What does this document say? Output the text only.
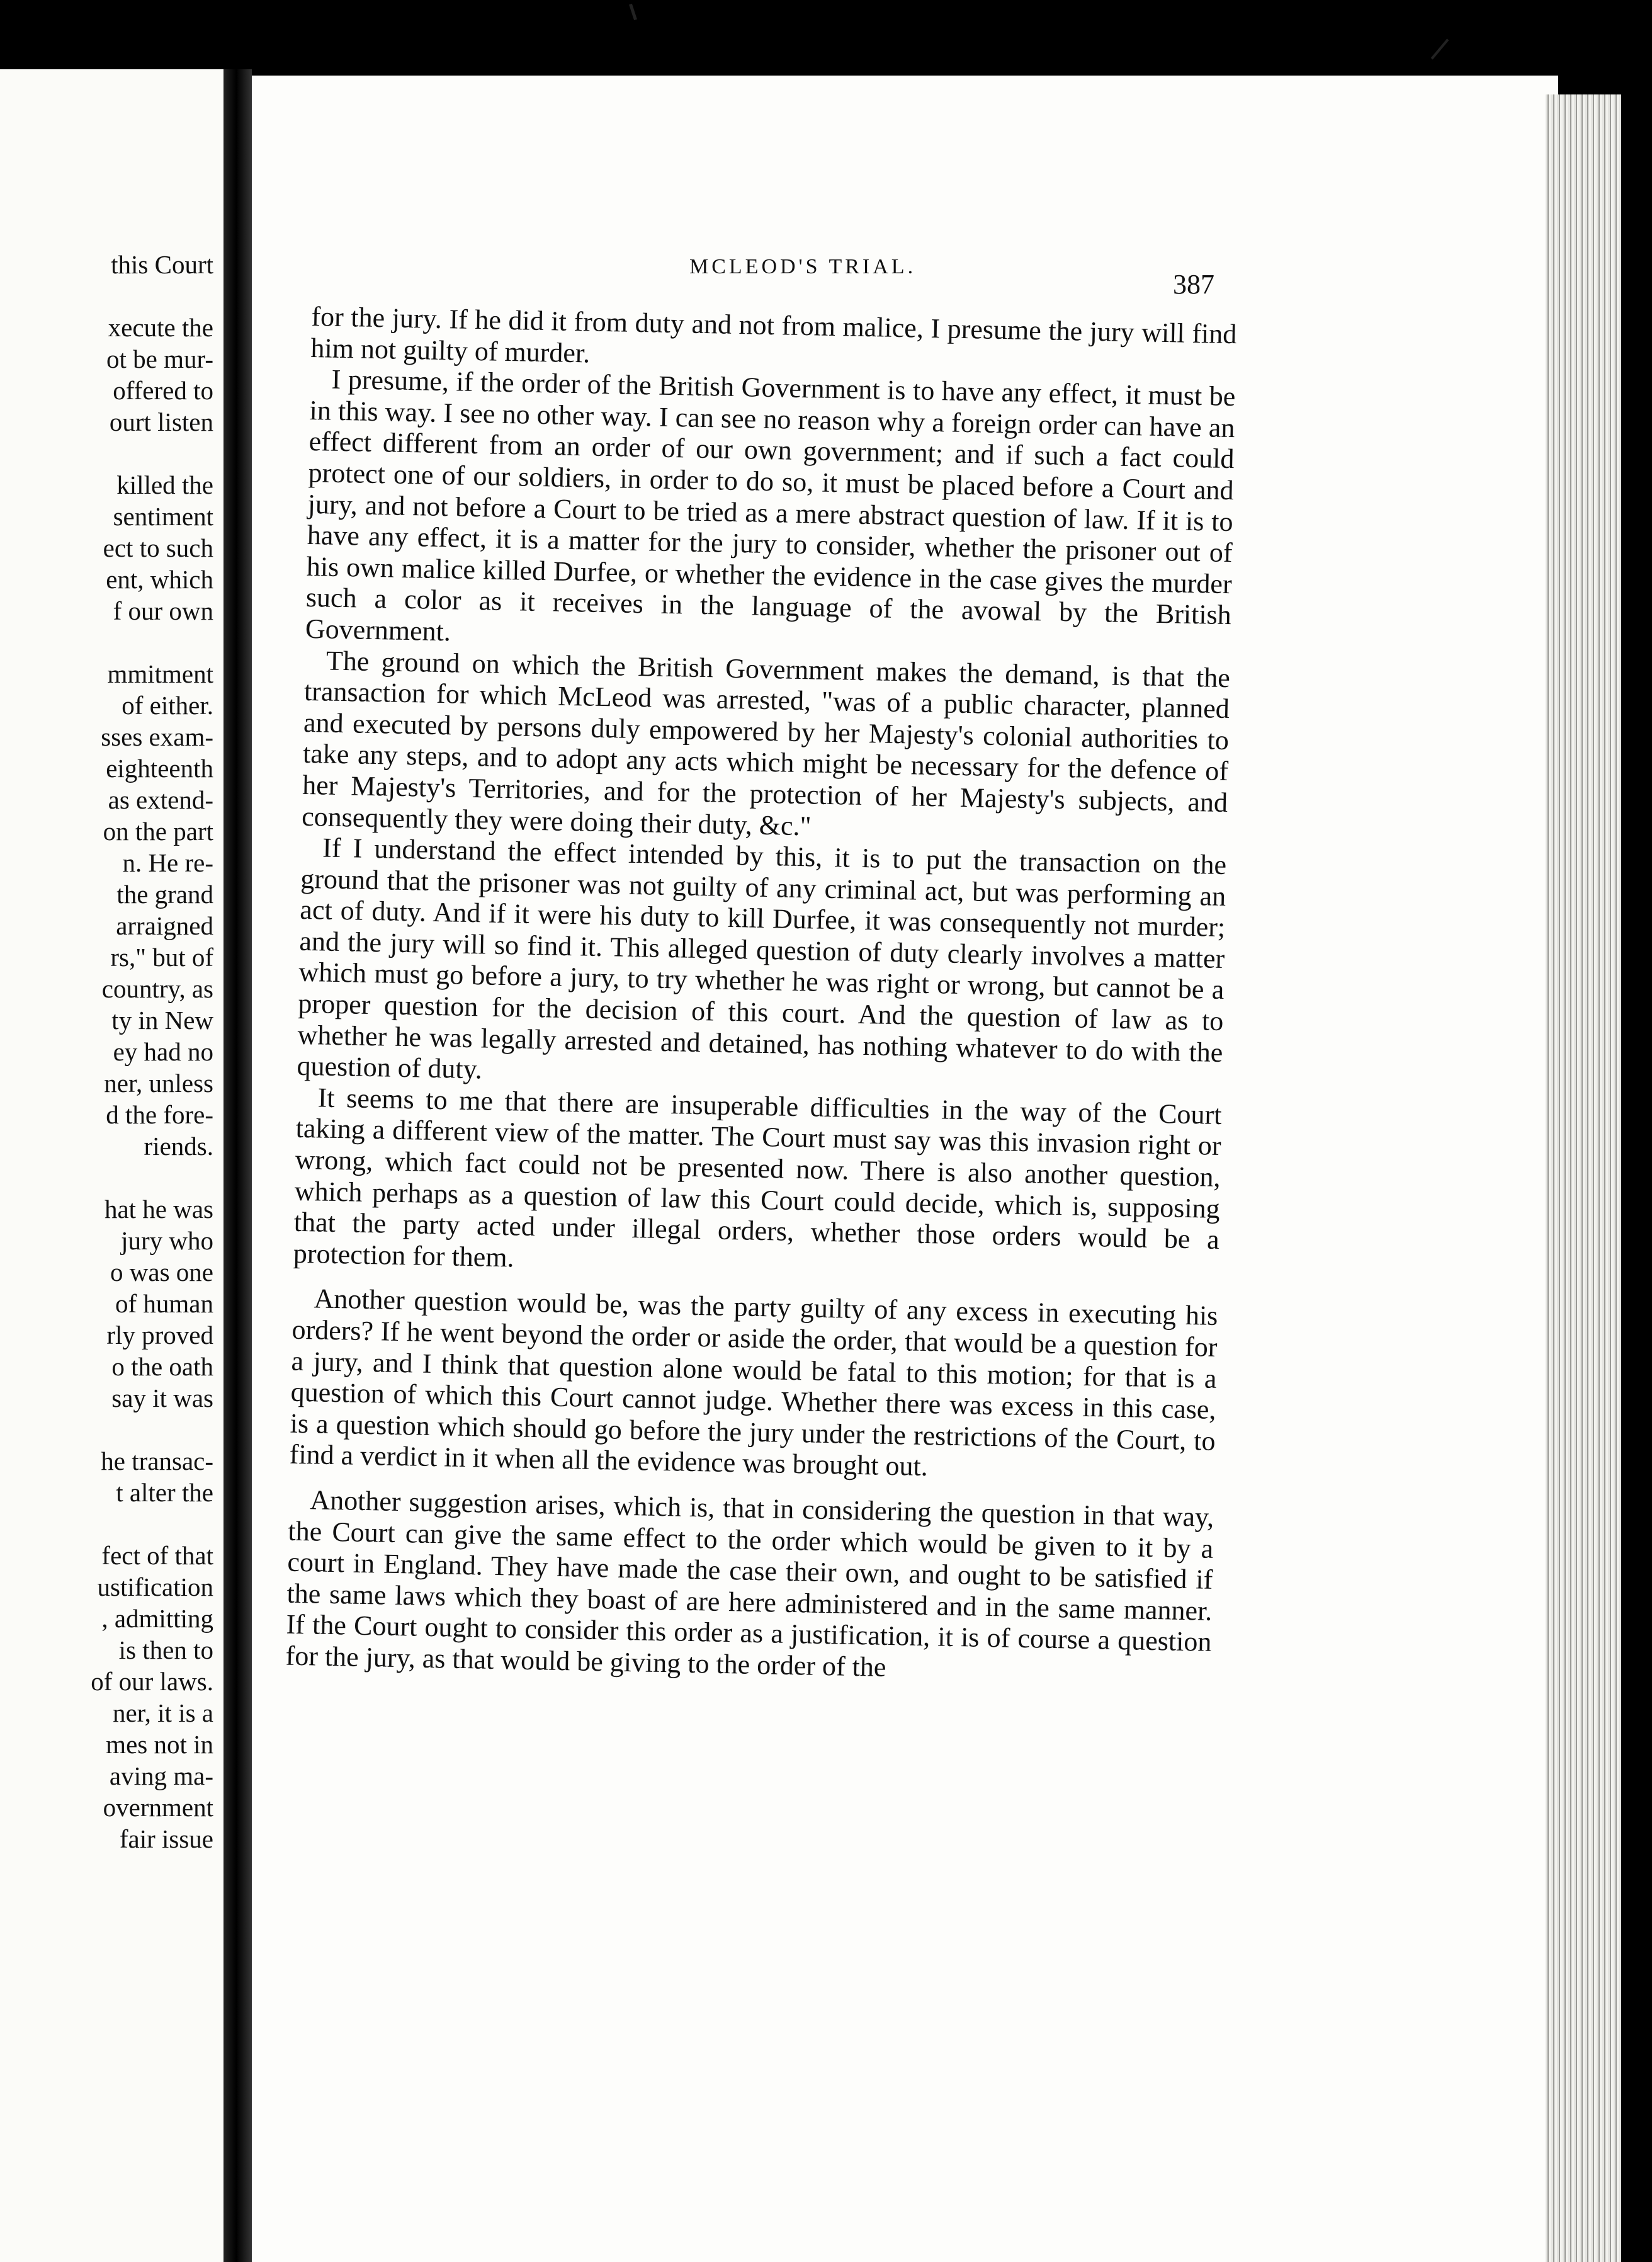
this Court
xecute the
ot be mur-
offered to
ourt listen
killed the
sentiment
ect to such
ent, which
f our own
mmitment
of either.
sses exam-
eighteenth
as extend-
on the part
n. He re-
the grand
arraigned
rs," but of
country, as
ty in New
ey had no
ner, unless
d the fore-
riends.
hat he was
jury who
o was one
of human
rly proved
o the oath
say it was
he transac-
t alter the
fect of that
ustification
, admitting
is then to
of our laws.
ner, it is a
mes not in
aving ma-
overnment
fair issue
MCLEOD'S TRIAL.
387

for the jury. If he did it from duty and not from malice, I presume the jury will find him not guilty of murder.

I presume, if the order of the British Government is to have any effect, it must be in this way. I see no other way. I can see no reason why a foreign order can have an effect different from an order of our own government; and if such a fact could protect one of our soldiers, in order to do so, it must be placed before a Court and jury, and not before a Court to be tried as a mere abstract question of law. If it is to have any effect, it is a matter for the jury to consider, whether the prisoner out of his own malice killed Durfee, or whether the evidence in the case gives the murder such a color as it receives in the language of the avowal by the British Government.

The ground on which the British Government makes the demand, is that the transaction for which McLeod was arrested, "was of a public character, planned and executed by persons duly empowered by her Majesty's colonial authorities to take any steps, and to adopt any acts which might be necessary for the defence of her Majesty's Territories, and for the protection of her Majesty's subjects, and consequently they were doing their duty, &c."

If I understand the effect intended by this, it is to put the transaction on the ground that the prisoner was not guilty of any criminal act, but was performing an act of duty. And if it were his duty to kill Durfee, it was consequently not murder; and the jury will so find it. This alleged question of duty clearly involves a matter which must go before a jury, to try whether he was right or wrong, but cannot be a proper question for the decision of this court. And the question of law as to whether he was legally arrested and detained, has nothing whatever to do with the question of duty.

It seems to me that there are insuperable difficulties in the way of the Court taking a different view of the matter. The Court must say was this invasion right or wrong, which fact could not be presented now. There is also another question, which perhaps as a question of law this Court could decide, which is, supposing that the party acted under illegal orders, whether those orders would be a protection for them.

Another question would be, was the party guilty of any excess in executing his orders? If he went beyond the order or aside the order, that would be a question for a jury, and I think that question alone would be fatal to this motion; for that is a question of which this Court cannot judge. Whether there was excess in this case, is a question which should go before the jury under the restrictions of the Court, to find a verdict in it when all the evidence was brought out.

Another suggestion arises, which is, that in considering the question in that way, the Court can give the same effect to the order which would be given to it by a court in England. They have made the case their own, and ought to be satisfied if the same laws which they boast of are here administered and in the same manner. If the Court ought to consider this order as a justification, it is of course a question for the jury, as that would be giving to the order of the
